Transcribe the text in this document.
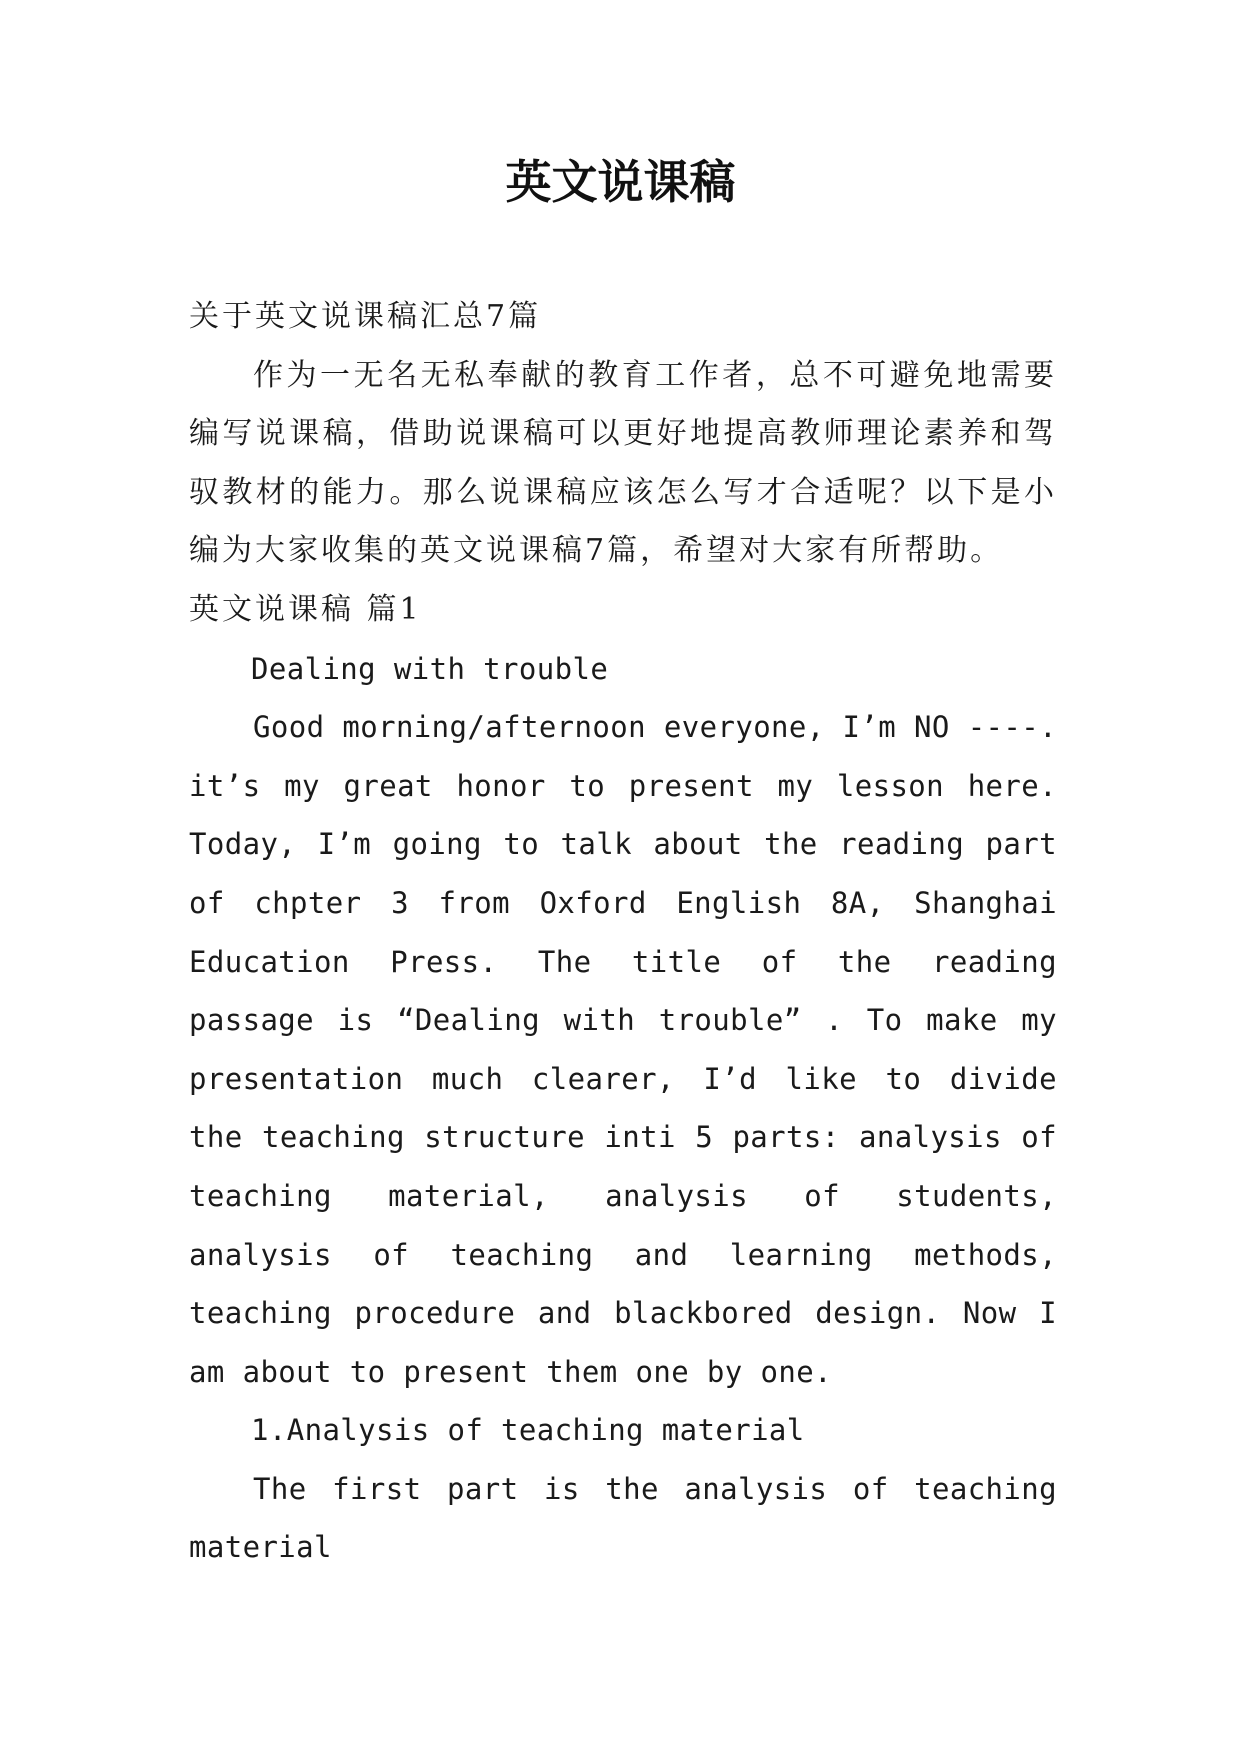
英文说课稿

关于英文说课稿汇总7篇

作为一无名无私奉献的教育工作者，总不可避免地需要编写说课稿，借助说课稿可以更好地提高教师理论素养和驾驭教材的能力。那么说课稿应该怎么写才合适呢？以下是小编为大家收集的英文说课稿7篇，希望对大家有所帮助。

英文说课稿 篇1

Dealing with trouble

Good morning/afternoon everyone, I’m NO ----. it’s my great honor to present my lesson here. Today, I’m going to talk about the reading part of chpter 3 from Oxford English 8A, Shanghai Education Press. The title of the reading passage is “Dealing with trouble” . To make my presentation much clearer, I’d like to divide the teaching structure inti 5 parts: analysis of teaching material, analysis of students, analysis of teaching and learning methods, teaching procedure and blackbored design. Now I am about to present them one by one.

1.Analysis of teaching material

The first part is the analysis of teaching material
